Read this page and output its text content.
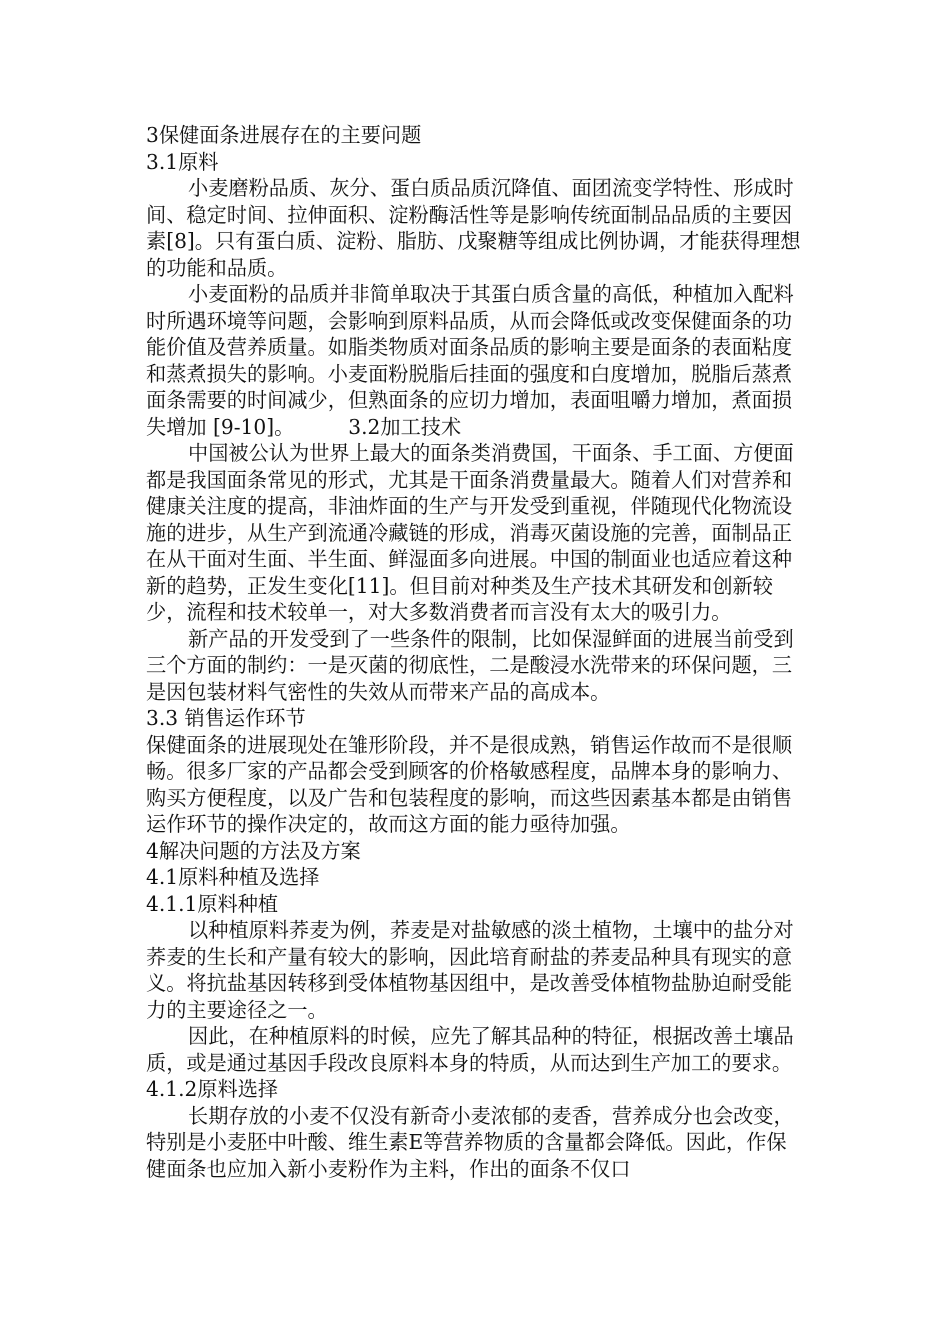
3保健面条进展存在的主要问题

3.1原料

小麦磨粉品质、灰分、蛋白质品质沉降值、面团流变学特性、形成时间、稳定时间、拉伸面积、淀粉酶活性等是影响传统面制品品质的主要因素[8]。只有蛋白质、淀粉、脂肪、戊聚糖等组成比例协调，才能获得理想的功能和品质。

小麦面粉的品质并非简单取决于其蛋白质含量的高低，种植加入配料时所遇环境等问题，会影响到原料品质，从而会降低或改变保健面条的功能价值及营养质量。如脂类物质对面条品质的影响主要是面条的表面粘度和蒸煮损失的影响。小麦面粉脱脂后挂面的强度和白度增加，脱脂后蒸煮面条需要的时间减少，但熟面条的应切力增加，表面咀嚼力增加，煮面损失增加 [9-10]。	3.2加工技术

中国被公认为世界上最大的面条类消费国，干面条、手工面、方便面都是我国面条常见的形式，尤其是干面条消费量最大。随着人们对营养和健康关注度的提高，非油炸面的生产与开发受到重视，伴随现代化物流设施的进步，从生产到流通冷藏链的形成，消毒灭菌设施的完善，面制品正在从干面对生面、半生面、鲜湿面多向进展。中国的制面业也适应着这种新的趋势，正发生变化[11]。但目前对种类及生产技术其研发和创新较少，流程和技术较单一，对大多数消费者而言没有太大的吸引力。

新产品的开发受到了一些条件的限制，比如保湿鲜面的进展当前受到三个方面的制约：一是灭菌的彻底性，二是酸浸水洗带来的环保问题，三是因包装材料气密性的失效从而带来产品的高成本。

3.3 销售运作环节

保健面条的进展现处在雏形阶段，并不是很成熟，销售运作故而不是很顺畅。很多厂家的产品都会受到顾客的价格敏感程度，品牌本身的影响力、购买方便程度，以及广告和包装程度的影响，而这些因素基本都是由销售运作环节的操作决定的，故而这方面的能力亟待加强。

4解决问题的方法及方案

4.1原料种植及选择

4.1.1原料种植

以种植原料荞麦为例，荞麦是对盐敏感的淡土植物，土壤中的盐分对荞麦的生长和产量有较大的影响，因此培育耐盐的荞麦品种具有现实的意义。将抗盐基因转移到受体植物基因组中，是改善受体植物盐胁迫耐受能力的主要途径之一。

因此，在种植原料的时候，应先了解其品种的特征，根据改善土壤品质，或是通过基因手段改良原料本身的特质，从而达到生产加工的要求。

4.1.2原料选择

长期存放的小麦不仅没有新奇小麦浓郁的麦香，营养成分也会改变，特别是小麦胚中叶酸、维生素E等营养物质的含量都会降低。因此，作保健面条也应加入新小麦粉作为主料，作出的面条不仅口
